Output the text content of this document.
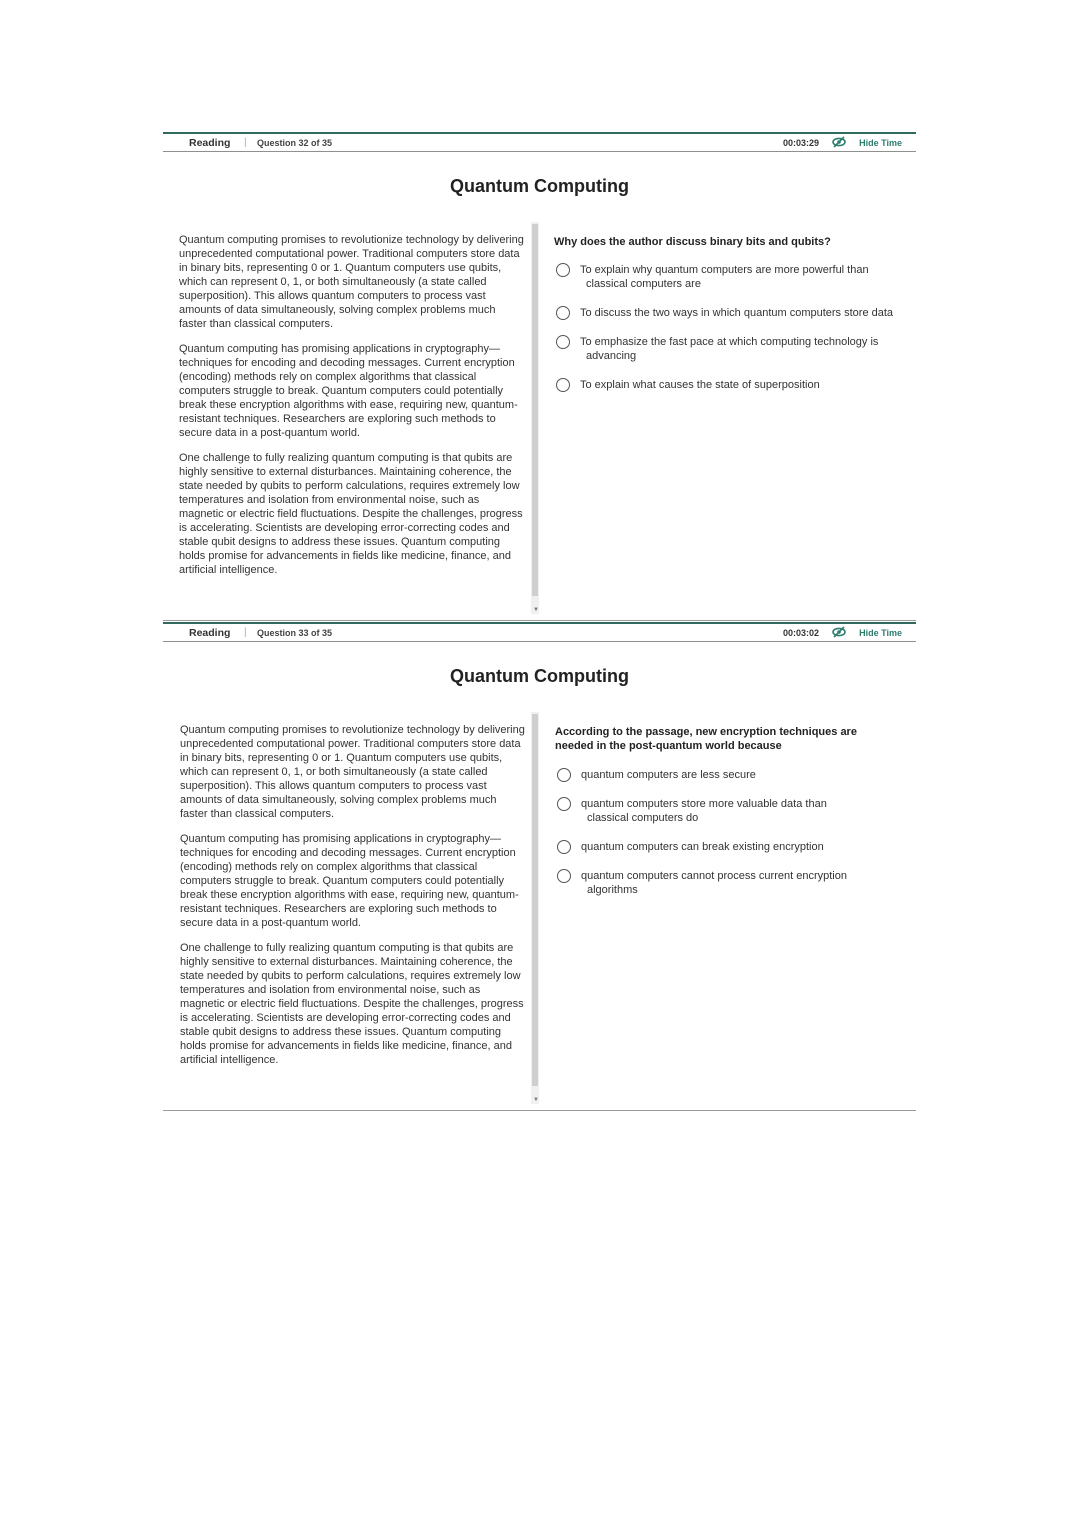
Reading | Question 32 of 35	00:03:29	Hide Time
Quantum Computing

Quantum computing promises to revolutionize technology by delivering unprecedented computational power. Traditional computers store data in binary bits, representing 0 or 1. Quantum computers use qubits, which can represent 0, 1, or both simultaneously (a state called superposition). This allows quantum computers to process vast amounts of data simultaneously, solving complex problems much faster than classical computers.

Quantum computing has promising applications in cryptography—techniques for encoding and decoding messages. Current encryption (encoding) methods rely on complex algorithms that classical computers struggle to break. Quantum computers could potentially break these encryption algorithms with ease, requiring new, quantum-resistant techniques. Researchers are exploring such methods to secure data in a post-quantum world.

One challenge to fully realizing quantum computing is that qubits are highly sensitive to external disturbances. Maintaining coherence, the state needed by qubits to perform calculations, requires extremely low temperatures and isolation from environmental noise, such as magnetic or electric field fluctuations. Despite the challenges, progress is accelerating. Scientists are developing error-correcting codes and stable qubit designs to address these issues. Quantum computing holds promise for advancements in fields like medicine, finance, and artificial intelligence.

▼
Why does the author discuss binary bits and qubits?
To explain why quantum computers are more powerful than classical computers are
To discuss the two ways in which quantum computers store data
To emphasize the fast pace at which computing technology is advancing
To explain what causes the state of superposition
Reading | Question 33 of 35	00:03:02	Hide Time
Quantum Computing

Quantum computing promises to revolutionize technology by delivering unprecedented computational power. Traditional computers store data in binary bits, representing 0 or 1. Quantum computers use qubits, which can represent 0, 1, or both simultaneously (a state called superposition). This allows quantum computers to process vast amounts of data simultaneously, solving complex problems much faster than classical computers.

Quantum computing has promising applications in cryptography—techniques for encoding and decoding messages. Current encryption (encoding) methods rely on complex algorithms that classical computers struggle to break. Quantum computers could potentially break these encryption algorithms with ease, requiring new, quantum-resistant techniques. Researchers are exploring such methods to secure data in a post-quantum world.

One challenge to fully realizing quantum computing is that qubits are highly sensitive to external disturbances. Maintaining coherence, the state needed by qubits to perform calculations, requires extremely low temperatures and isolation from environmental noise, such as magnetic or electric field fluctuations. Despite the challenges, progress is accelerating. Scientists are developing error-correcting codes and stable qubit designs to address these issues. Quantum computing holds promise for advancements in fields like medicine, finance, and artificial intelligence.

▼
According to the passage, new encryption techniques are needed in the post-quantum world because
quantum computers are less secure
quantum computers store more valuable data than classical computers do
quantum computers can break existing encryption
quantum computers cannot process current encryption algorithms
